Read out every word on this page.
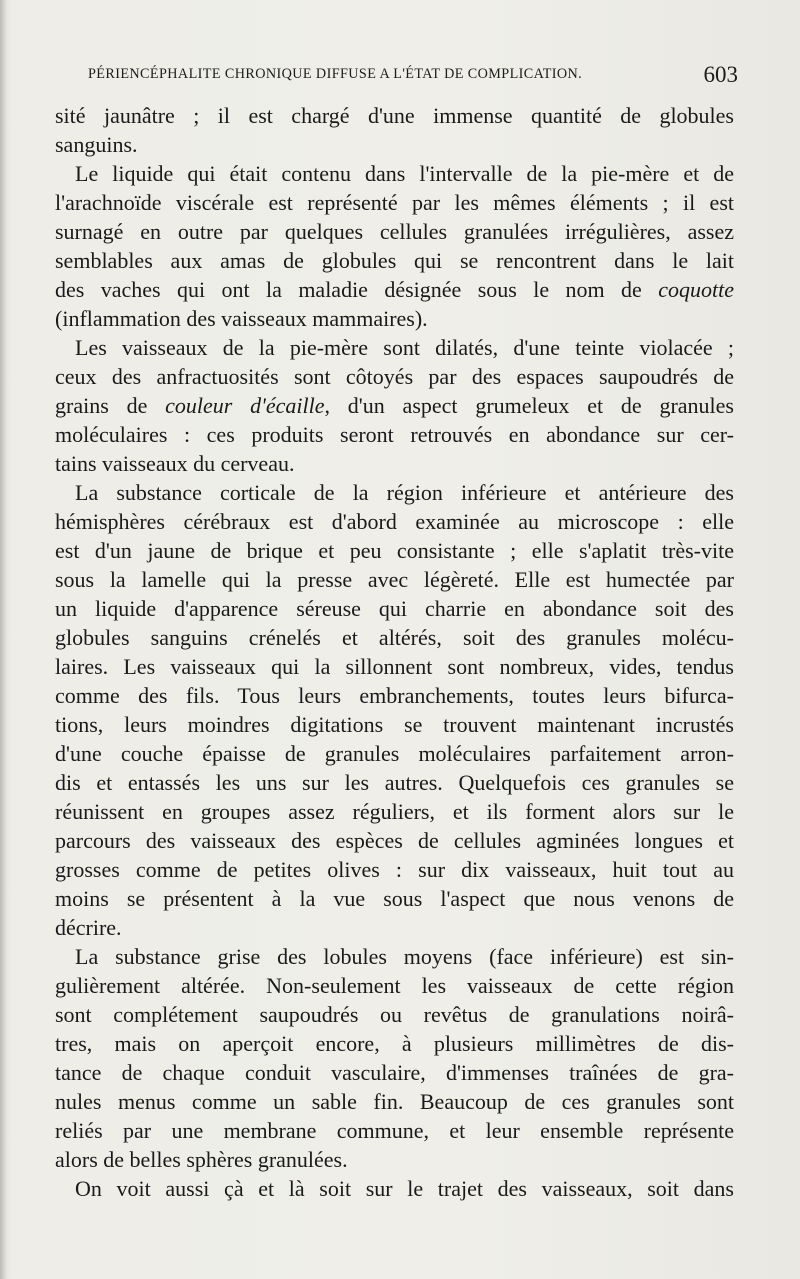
PÉRIENCÉPHALITE CHRONIQUE DIFFUSE A L'ÉTAT DE COMPLICATION.	603
sité jaunâtre ; il est chargé d'une immense quantité de globules
sanguins.
Le liquide qui était contenu dans l'intervalle de la pie-mère et de
l'arachnoïde viscérale est représenté par les mêmes éléments ; il est
surnagé en outre par quelques cellules granulées irrégulières, assez
semblables aux amas de globules qui se rencontrent dans le lait
des vaches qui ont la maladie désignée sous le nom de coquotte
(inflammation des vaisseaux mammaires).
Les vaisseaux de la pie-mère sont dilatés, d'une teinte violacée ;
ceux des anfractuosités sont côtoyés par des espaces saupoudrés de
grains de couleur d'écaille, d'un aspect grumeleux et de granules
moléculaires : ces produits seront retrouvés en abondance sur cer-
tains vaisseaux du cerveau.
La substance corticale de la région inférieure et antérieure des
hémisphères cérébraux est d'abord examinée au microscope : elle
est d'un jaune de brique et peu consistante ; elle s'aplatit très-vite
sous la lamelle qui la presse avec légèreté. Elle est humectée par
un liquide d'apparence séreuse qui charrie en abondance soit des
globules sanguins crénelés et altérés, soit des granules molécu-
laires. Les vaisseaux qui la sillonnent sont nombreux, vides, tendus
comme des fils. Tous leurs embranchements, toutes leurs bifurca-
tions, leurs moindres digitations se trouvent maintenant incrustés
d'une couche épaisse de granules moléculaires parfaitement arron-
dis et entassés les uns sur les autres. Quelquefois ces granules se
réunissent en groupes assez réguliers, et ils forment alors sur le
parcours des vaisseaux des espèces de cellules agminées longues et
grosses comme de petites olives : sur dix vaisseaux, huit tout au
moins se présentent à la vue sous l'aspect que nous venons de
décrire.
La substance grise des lobules moyens (face inférieure) est sin-
gulièrement altérée. Non-seulement les vaisseaux de cette région
sont complétement saupoudrés ou revêtus de granulations noirâ-
tres, mais on aperçoit encore, à plusieurs millimètres de dis-
tance de chaque conduit vasculaire, d'immenses traînées de gra-
nules menus comme un sable fin. Beaucoup de ces granules sont
reliés par une membrane commune, et leur ensemble représente
alors de belles sphères granulées.
On voit aussi çà et là soit sur le trajet des vaisseaux, soit dans
